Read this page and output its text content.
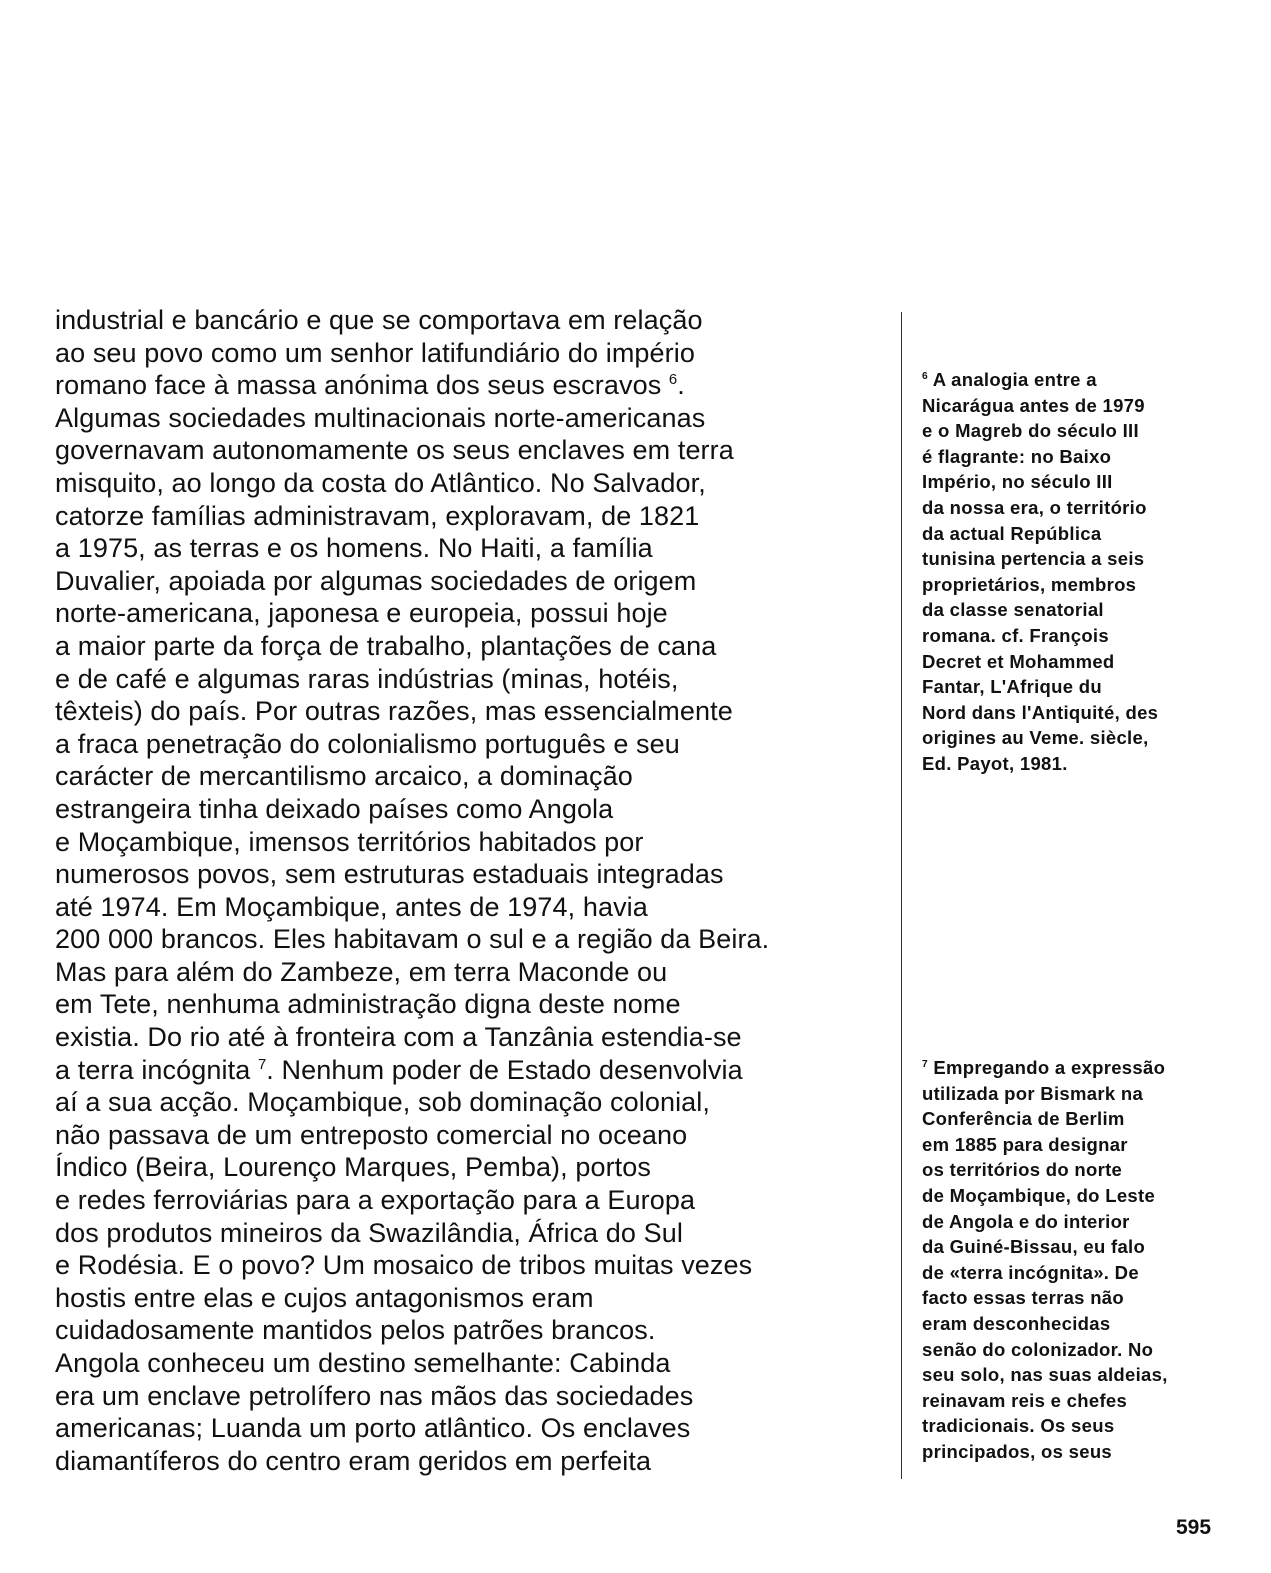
industrial e bancário e que se comportava em relação
ao seu povo como um senhor latifundiário do império
romano face à massa anónima dos seus escravos $^6$.
Algumas sociedades multinacionais norte-americanas
governavam autonomamente os seus enclaves em terra
misquito, ao longo da costa do Atlântico. No Salvador,
catorze famílias administravam, exploravam, de 1821
a 1975, as terras e os homens. No Haiti, a família
Duvalier, apoiada por algumas sociedades de origem
norte-americana, japonesa e europeia, possui hoje
a maior parte da força de trabalho, plantações de cana
e de café e algumas raras indústrias (minas, hotéis,
têxteis) do país. Por outras razões, mas essencialmente
a fraca penetração do colonialismo português e seu
carácter de mercantilismo arcaico, a dominação
estrangeira tinha deixado países como Angola
e Moçambique, imensos territórios habitados por
numerosos povos, sem estruturas estaduais integradas
até 1974. Em Moçambique, antes de 1974, havia
200 000 brancos. Eles habitavam o sul e a região da Beira.
Mas para além do Zambeze, em terra Maconde ou
em Tete, nenhuma administração digna deste nome
existia. Do rio até à fronteira com a Tanzânia estendia-se
a terra incógnita $^7$. Nenhum poder de Estado desenvolvia
aí a sua acção. Moçambique, sob dominação colonial,
não passava de um entreposto comercial no oceano
Índico (Beira, Lourenço Marques, Pemba), portos
e redes ferroviárias para a exportação para a Europa
dos produtos mineiros da Swazilândia, África do Sul
e Rodésia. E o povo? Um mosaico de tribos muitas vezes
hostis entre elas e cujos antagonismos eram
cuidadosamente mantidos pelos patrões brancos.
Angola conheceu um destino semelhante: Cabinda
era um enclave petrolífero nas mãos das sociedades
americanas; Luanda um porto atlântico. Os enclaves
diamantíferos do centro eram geridos em perfeita
$^6$ A analogia entre a
Nicarágua antes de 1979
e o Magreb do século III
é flagrante: no Baixo
Império, no século III
da nossa era, o território
da actual República
tunisina pertencia a seis
proprietários, membros
da classe senatorial
romana. cf. François
Decret et Mohammed
Fantar, L'Afrique du
Nord dans l'Antiquité, des
origines au Veme. siècle,
Ed. Payot, 1981.
$^7$ Empregando a expressão
utilizada por Bismark na
Conferência de Berlim
em 1885 para designar
os territórios do norte
de Moçambique, do Leste
de Angola e do interior
da Guiné-Bissau, eu falo
de «terra incógnita». De
facto essas terras não
eram desconhecidas
senão do colonizador. No
seu solo, nas suas aldeias,
reinavam reis e chefes
tradicionais. Os seus
principados, os seus
595
